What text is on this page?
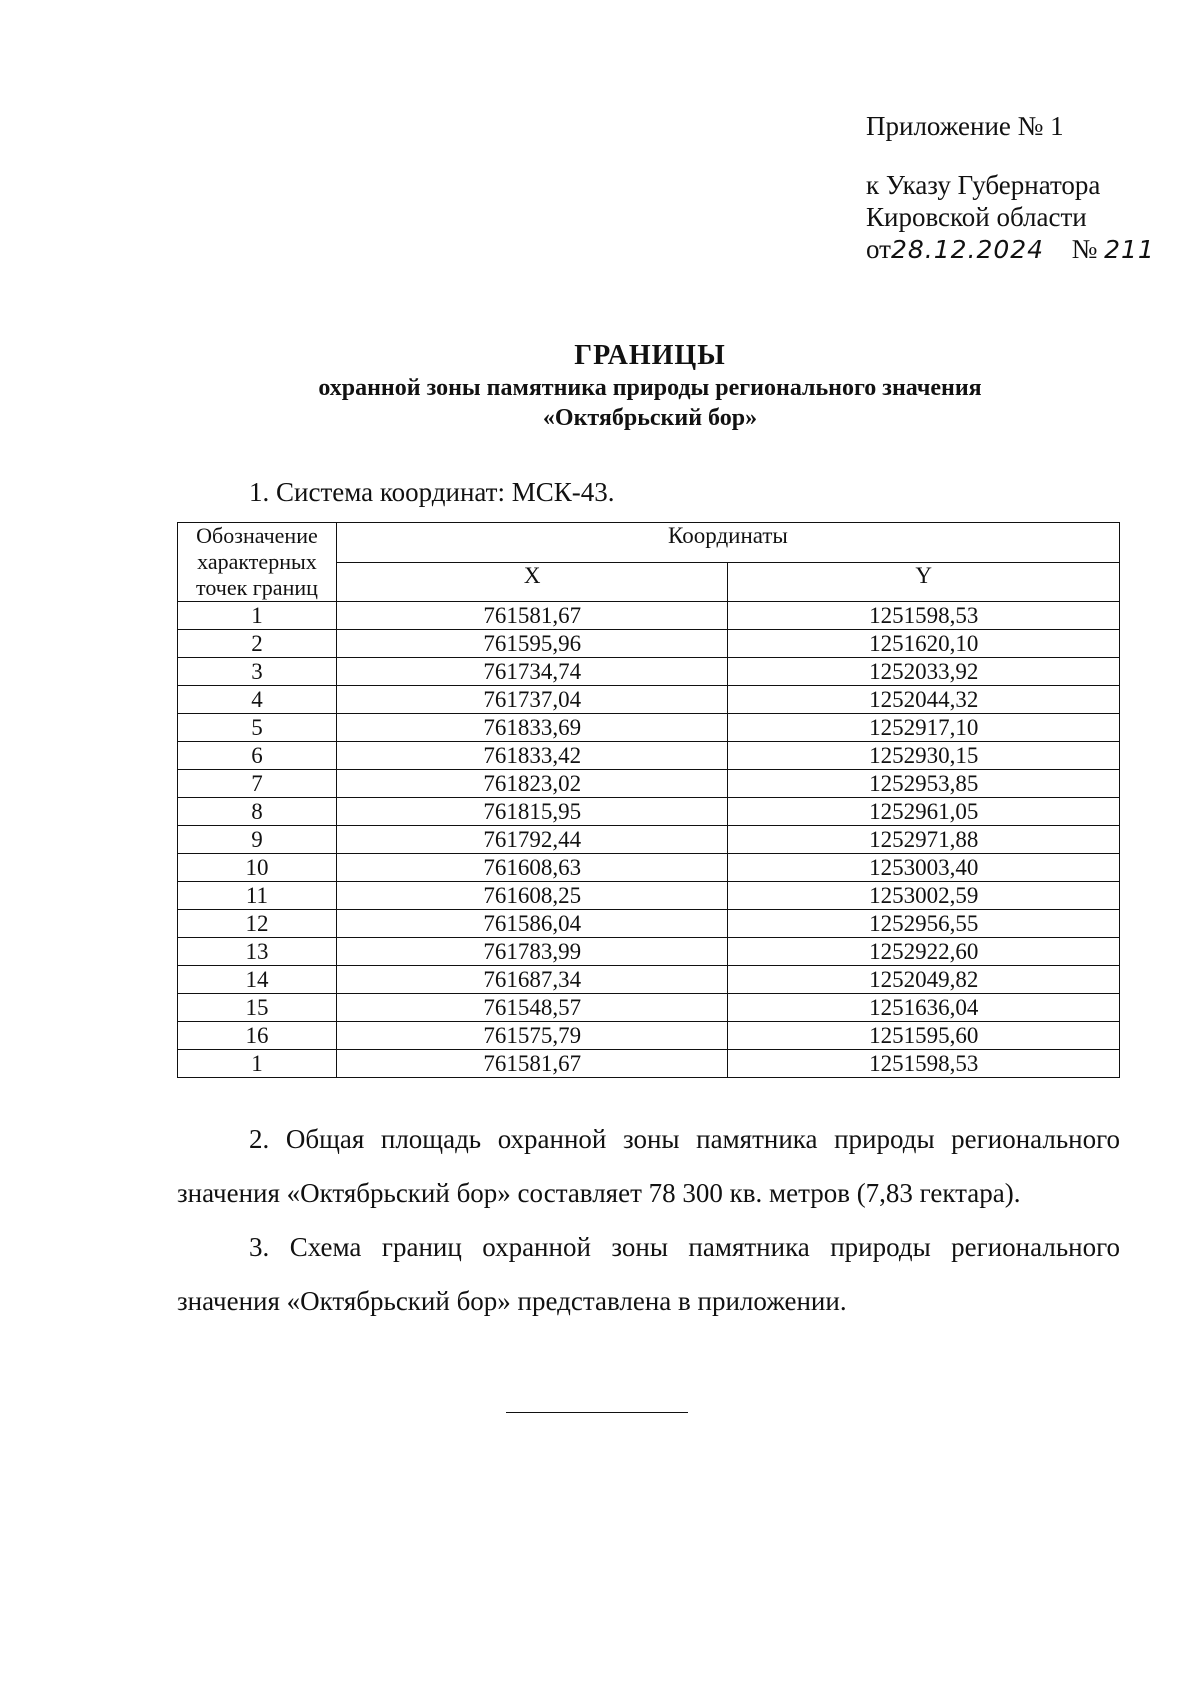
Приложение № 1
к Указу Губернатора
Кировской области
от28.12.2024 № 211
ГРАНИЦЫ
охранной зоны памятника природы регионального значения
«Октябрьский бор»
1. Система координат: МСК-43.
Обозначение характерных точек границ	Координаты	
	X	Y
1	761581,67	1251598,53
2	761595,96	1251620,10
3	761734,74	1252033,92
4	761737,04	1252044,32
5	761833,69	1252917,10
6	761833,42	1252930,15
7	761823,02	1252953,85
8	761815,95	1252961,05
9	761792,44	1252971,88
10	761608,63	1253003,40
11	761608,25	1253002,59
12	761586,04	1252956,55
13	761783,99	1252922,60
14	761687,34	1252049,82
15	761548,57	1251636,04
16	761575,79	1251595,60
1	761581,67	1251598,53
2. Общая площадь охранной зоны памятника природы регионального значения «Октябрьский бор» составляет 78 300 кв. метров (7,83 гектара).
3. Схема границ охранной зоны памятника природы регионального значения «Октябрьский бор» представлена в приложении.
